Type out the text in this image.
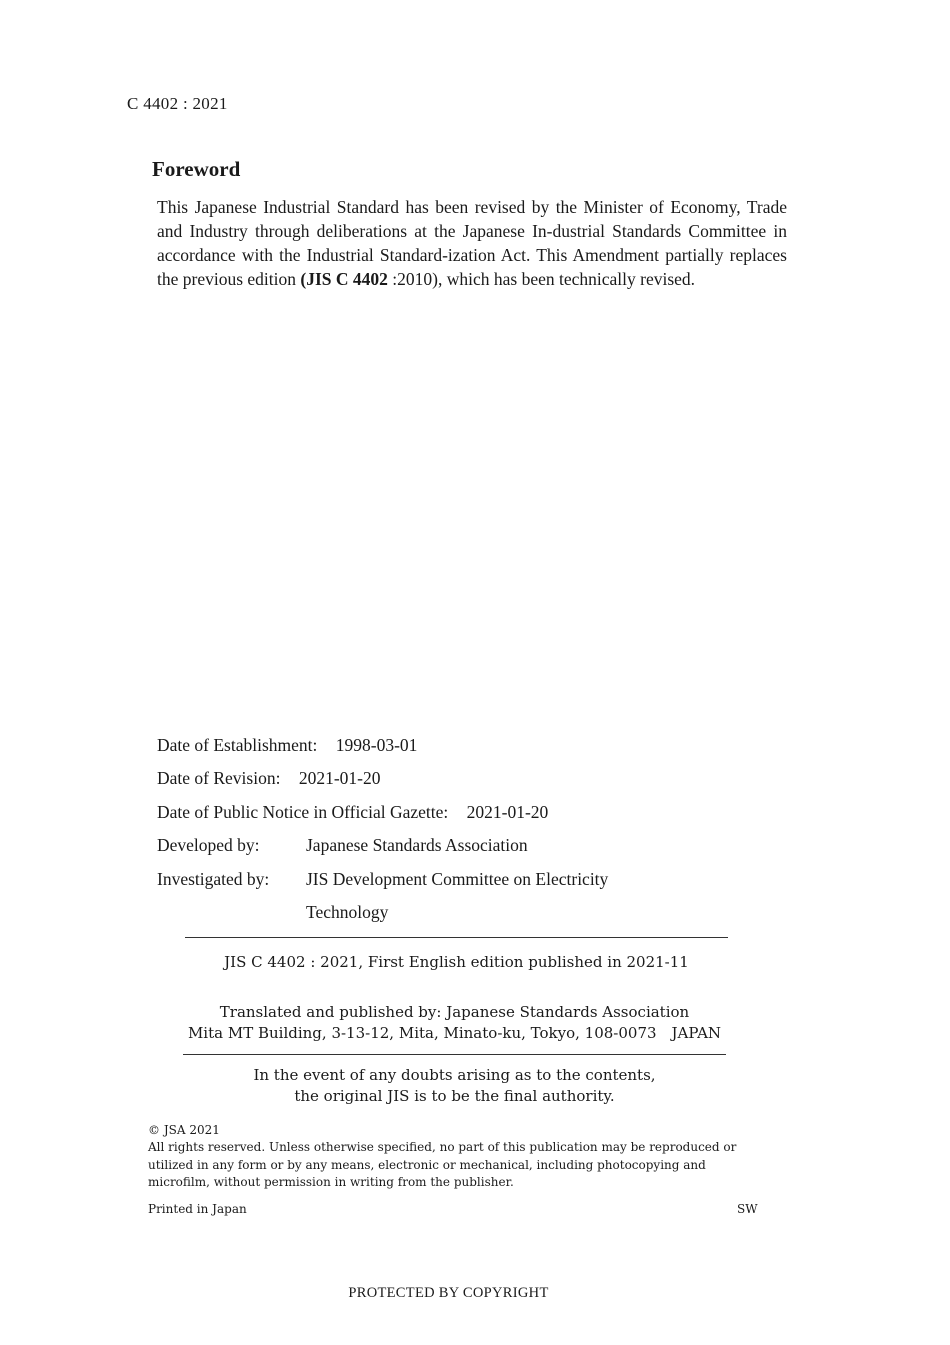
C 4402 : 2021
Foreword

This Japanese Industrial Standard has been revised by the Minister of Economy, Trade and Industry through deliberations at the Japanese In-dustrial Standards Committee in accordance with the Industrial Standard-ization Act. This Amendment partially replaces the previous edition (JIS C 4402 :2010), which has been technically revised.

Date of Establishment: 1998-03-01
Date of Revision: 2021-01-20
Date of Public Notice in Official Gazette: 2021-01-20
Developed by:	Japanese Standards Association
Investigated by: JIS Development Committee on Electricity
Technology
JIS C 4402 : 2021, First English edition published in 2021-11
Translated and published by: Japanese Standards Association
Mita MT Building, 3-13-12, Mita, Minato-ku, Tokyo, 108-0073 JAPAN
In the event of any doubts arising as to the contents,
the original JIS is to be the final authority.
© JSA 2021
All rights reserved. Unless otherwise specified, no part of this publication may be reproduced or utilized in any form or by any means, electronic or mechanical, including photocopying and microfilm, without permission in writing from the publisher.
Printed in Japan	SW
PROTECTED BY COPYRIGHT
